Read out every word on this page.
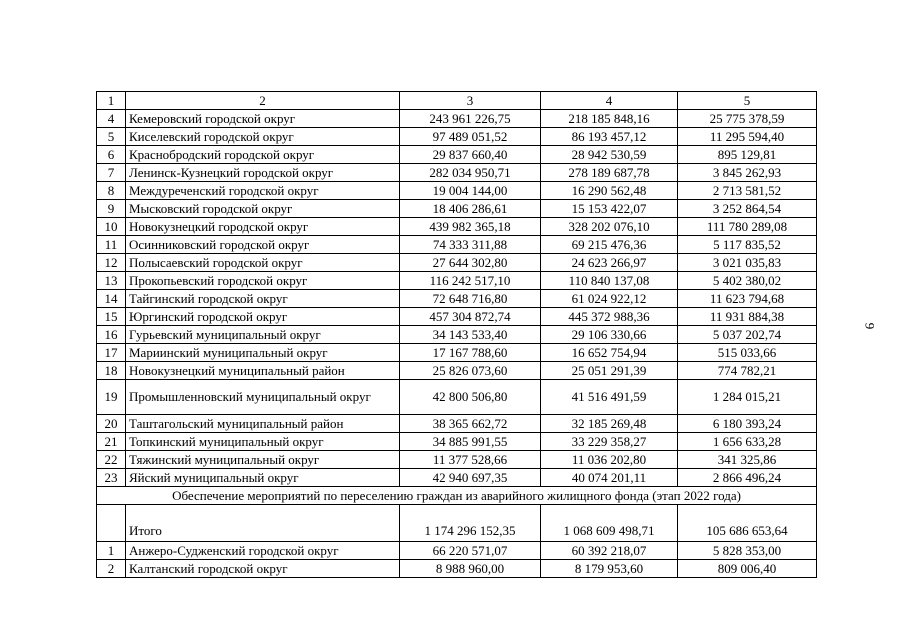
1	2	3	4	5
4	Кемеровский городской округ	243 961 226,75	218 185 848,16	25 775 378,59
5	Киселевский городской округ	97 489 051,52	86 193 457,12	11 295 594,40
6	Краснобродский городской округ	29 837 660,40	28 942 530,59	895 129,81
7	Ленинск-Кузнецкий городской округ	282 034 950,71	278 189 687,78	3 845 262,93
8	Междуреченский городской округ	19 004 144,00	16 290 562,48	2 713 581,52
9	Мысковский городской округ	18 406 286,61	15 153 422,07	3 252 864,54
10	Новокузнецкий городской округ	439 982 365,18	328 202 076,10	111 780 289,08
11	Осинниковский городской округ	74 333 311,88	69 215 476,36	5 117 835,52
12	Полысаевский городской округ	27 644 302,80	24 623 266,97	3 021 035,83
13	Прокопьевский городской округ	116 242 517,10	110 840 137,08	5 402 380,02
14	Тайгинский городской округ	72 648 716,80	61 024 922,12	11 623 794,68
15	Юргинский городской округ	457 304 872,74	445 372 988,36	11 931 884,38
16	Гурьевский муниципальный округ	34 143 533,40	29 106 330,66	5 037 202,74
17	Мариинский муниципальный округ	17 167 788,60	16 652 754,94	515 033,66
18	Новокузнецкий муниципальный район	25 826 073,60	25 051 291,39	774 782,21
19	Промышленновский муниципальный округ	42 800 506,80	41 516 491,59	1 284 015,21
20	Таштагольский муниципальный район	38 365 662,72	32 185 269,48	6 180 393,24
21	Топкинский муниципальный округ	34 885 991,55	33 229 358,27	1 656 633,28
22	Тяжинский муниципальный округ	11 377 528,66	11 036 202,80	341 325,86
23	Яйский муниципальный округ	42 940 697,35	40 074 201,11	2 866 496,24
Обеспечение мероприятий по переселению граждан из аварийного жилищного фонда (этап 2022 года)				
	Итого	1 174 296 152,35	1 068 609 498,71	105 686 653,64
1	Анжеро-Судженский городской округ	66 220 571,07	60 392 218,07	5 828 353,00
2	Калтанский городской округ	8 988 960,00	8 179 953,60	809 006,40
9
